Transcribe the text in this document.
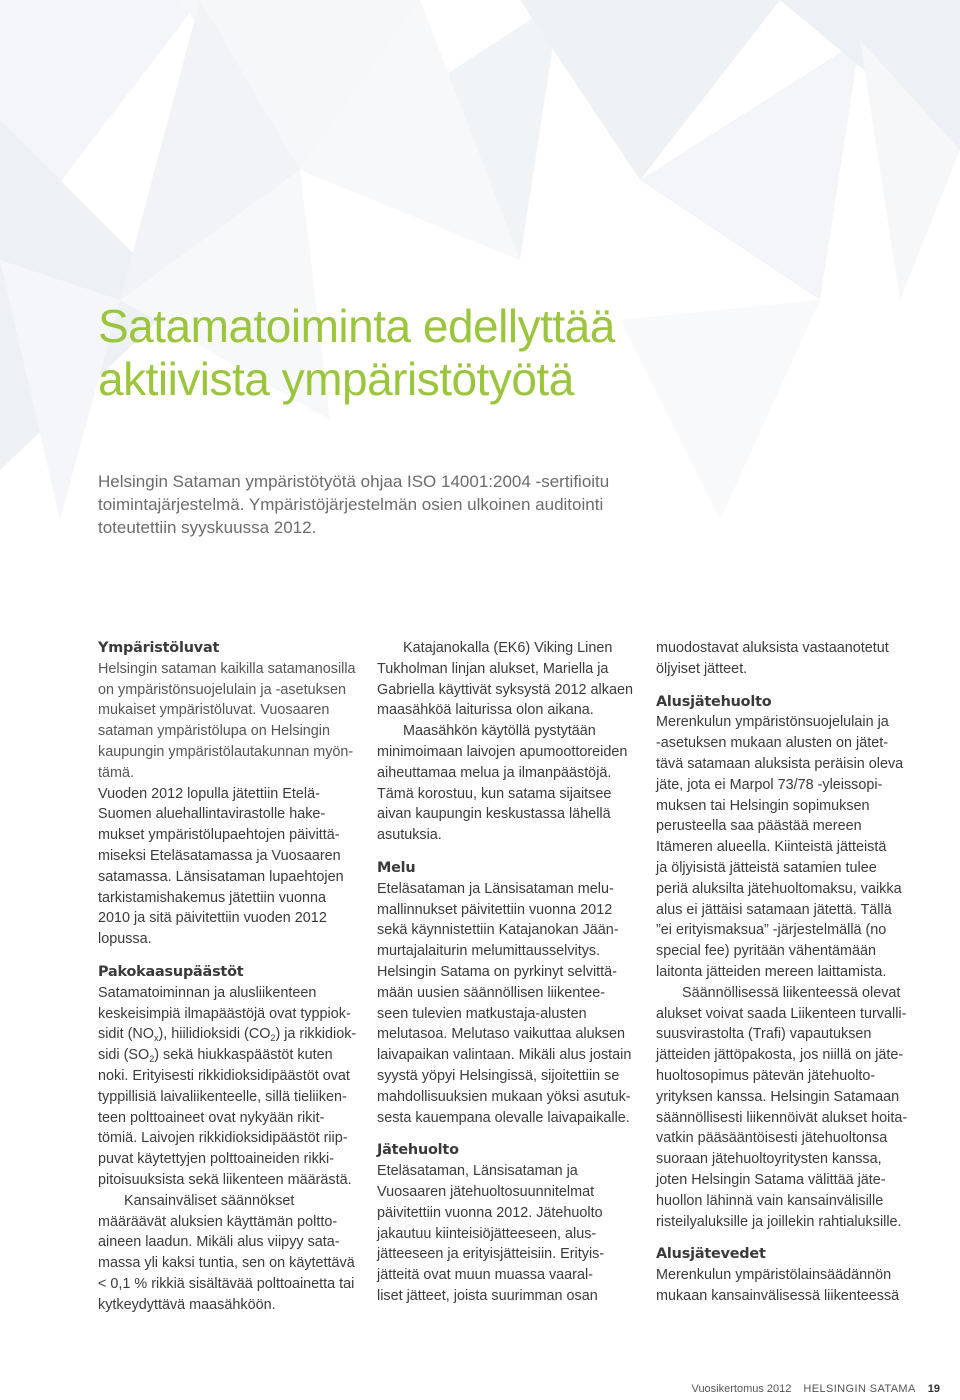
Satamatoiminta edellyttää
aktiivista ympäristötyötä
Helsingin Sataman ympäristötyötä ohjaa ISO 14001:2004 -sertifioitu
toimintajärjestelmä. Ympäristöjärjestelmän osien ulkoinen auditointi
toteutettiin syyskuussa 2012.

Ympäristöluvat

Helsingin sataman kaikilla satamanosilla

on ympäristönsuojelulain ja -asetuksen

mukaiset ympäristöluvat. Vuosaaren

sataman ympäristölupa on Helsingin

kaupungin ympäristölautakunnan myön-

tämä.

Vuoden 2012 lopulla jätettiin Etelä-

Suomen aluehallintavirastolle hake-

mukset ympäristölupaehtojen päivittä-

miseksi Eteläsatamassa ja Vuosaaren

satamassa. Länsisataman lupaehtojen

tarkistamishakemus jätettiin vuonna

2010 ja sitä päivitettiin vuoden 2012

lopussa.

Pakokaasupäästöt

Satamatoiminnan ja alusliikenteen

keskeisimpiä ilmapäästöjä ovat typpiok-

sidit $(NO_x)$, hiilidioksidi $(CO_2)$ ja rikkidiok-

sidi $(SO_2)$ sekä hiukkaspäästöt kuten

noki. Erityisesti rikkidioksidipäästöt ovat

typpillisiä laivaliikenteelle, sillä tieliiken-

teen polttoaineet ovat nykyään rikit-

tömiä. Laivojen rikkidioksidipäästöt riip-

puvat käytettyjen polttoaineiden rikki-

pitoisuuksista sekä liikenteen määrästä.

Kansainväliset säännökset

määräävät aluksien käyttämän poltto-

aineen laadun. Mikäli alus viipyy sata-

massa yli kaksi tuntia, sen on käytettävä

< 0,1 % rikkiä sisältävää polttoainetta tai

kytkeydyttävä maasähköön.

Katajanokalla (EK6) Viking Linen

Tukholman linjan alukset, Mariella ja

Gabriella käyttivät syksystä 2012 alkaen

maasähköä laiturissa olon aikana.

Maasähkön käytöllä pystytään

minimoimaan laivojen apumoottoreiden

aiheuttamaa melua ja ilmanpäästöjä.

Tämä korostuu, kun satama sijaitsee

aivan kaupungin keskustassa lähellä

asutuksia.

Melu

Eteläsataman ja Länsisataman melu-

mallinnukset päivitettiin vuonna 2012

sekä käynnistettiin Katajanokan Jään-

murtajalaiturin melumittausselvitys.

Helsingin Satama on pyrkinyt selvittä-

mään uusien säännöllisen liikentee-

seen tulevien matkustaja-alusten

melutasoa. Melutaso vaikuttaa aluksen

laivapaikan valintaan. Mikäli alus jostain

syystä yöpyi Helsingissä, sijoitettiin se

mahdollisuuksien mukaan yöksi asutuk-

sesta kauempana olevalle laivapaikalle.

Jätehuolto

Eteläsataman, Länsisataman ja

Vuosaaren jätehuoltosuunnitelmat

päivitettiin vuonna 2012. Jätehuolto

jakautuu kiinteisiöjätteeseen, alus-

jätteeseen ja erityisjätteisiin. Erityis-

jätteitä ovat muun muassa vaaral-

liset jätteet, joista suurimman osan

muodostavat aluksista vastaanotetut

öljyiset jätteet.

Alusjätehuolto

Merenkulun ympäristönsuojelulain ja

-asetuksen mukaan alusten on jätet-

tävä satamaan aluksista peräisin oleva

jäte, jota ei Marpol 73/78 -yleissopi-

muksen tai Helsingin sopimuksen

perusteella saa päästää mereen

Itämeren alueella. Kiinteistä jätteistä

ja öljyisistä jätteistä satamien tulee

periä aluksilta jätehuoltomaksu, vaikka

alus ei jättäisi satamaan jätettä. Tällä

”ei erityismaksua” -järjestelmällä (no

special fee) pyritään vähentämään

laitonta jätteiden mereen laittamista.

Säännöllisessä liikenteessä olevat

alukset voivat saada Liikenteen turvalli-

suusvirastolta (Trafi) vapautuksen

jätteiden jättöpakosta, jos niillä on jäte-

huoltosopimus pätevän jätehuolto-

yrityksen kanssa. Helsingin Satamaan

säännöllisesti liikennöivät alukset hoita-

vatkin pääsääntöisesti jätehuoltonsa

suoraan jätehuoltoyritysten kanssa,

joten Helsingin Satama välittää jäte-

huollon lähinnä vain kansainvälisille

risteilyaluksille ja joillekin rahtialuksille.

Alusjätevedet

Merenkulun ympäristölainsäädännön

mukaan kansainvälisessä liikenteessä

Vuosikertomus 2012 HELSINGIN SATAMA 19
